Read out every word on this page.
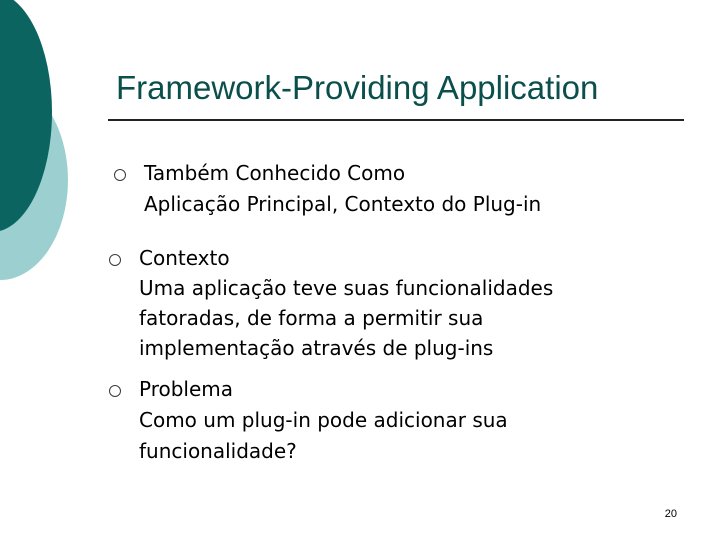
Framework-Providing Application
Também Conhecido Como
Aplicação Principal, Contexto do Plug-in
Contexto
Uma aplicação teve suas funcionalidades
fatoradas, de forma a permitir sua
implementação através de plug-ins
Problema
Como um plug-in pode adicionar sua
funcionalidade?
20
